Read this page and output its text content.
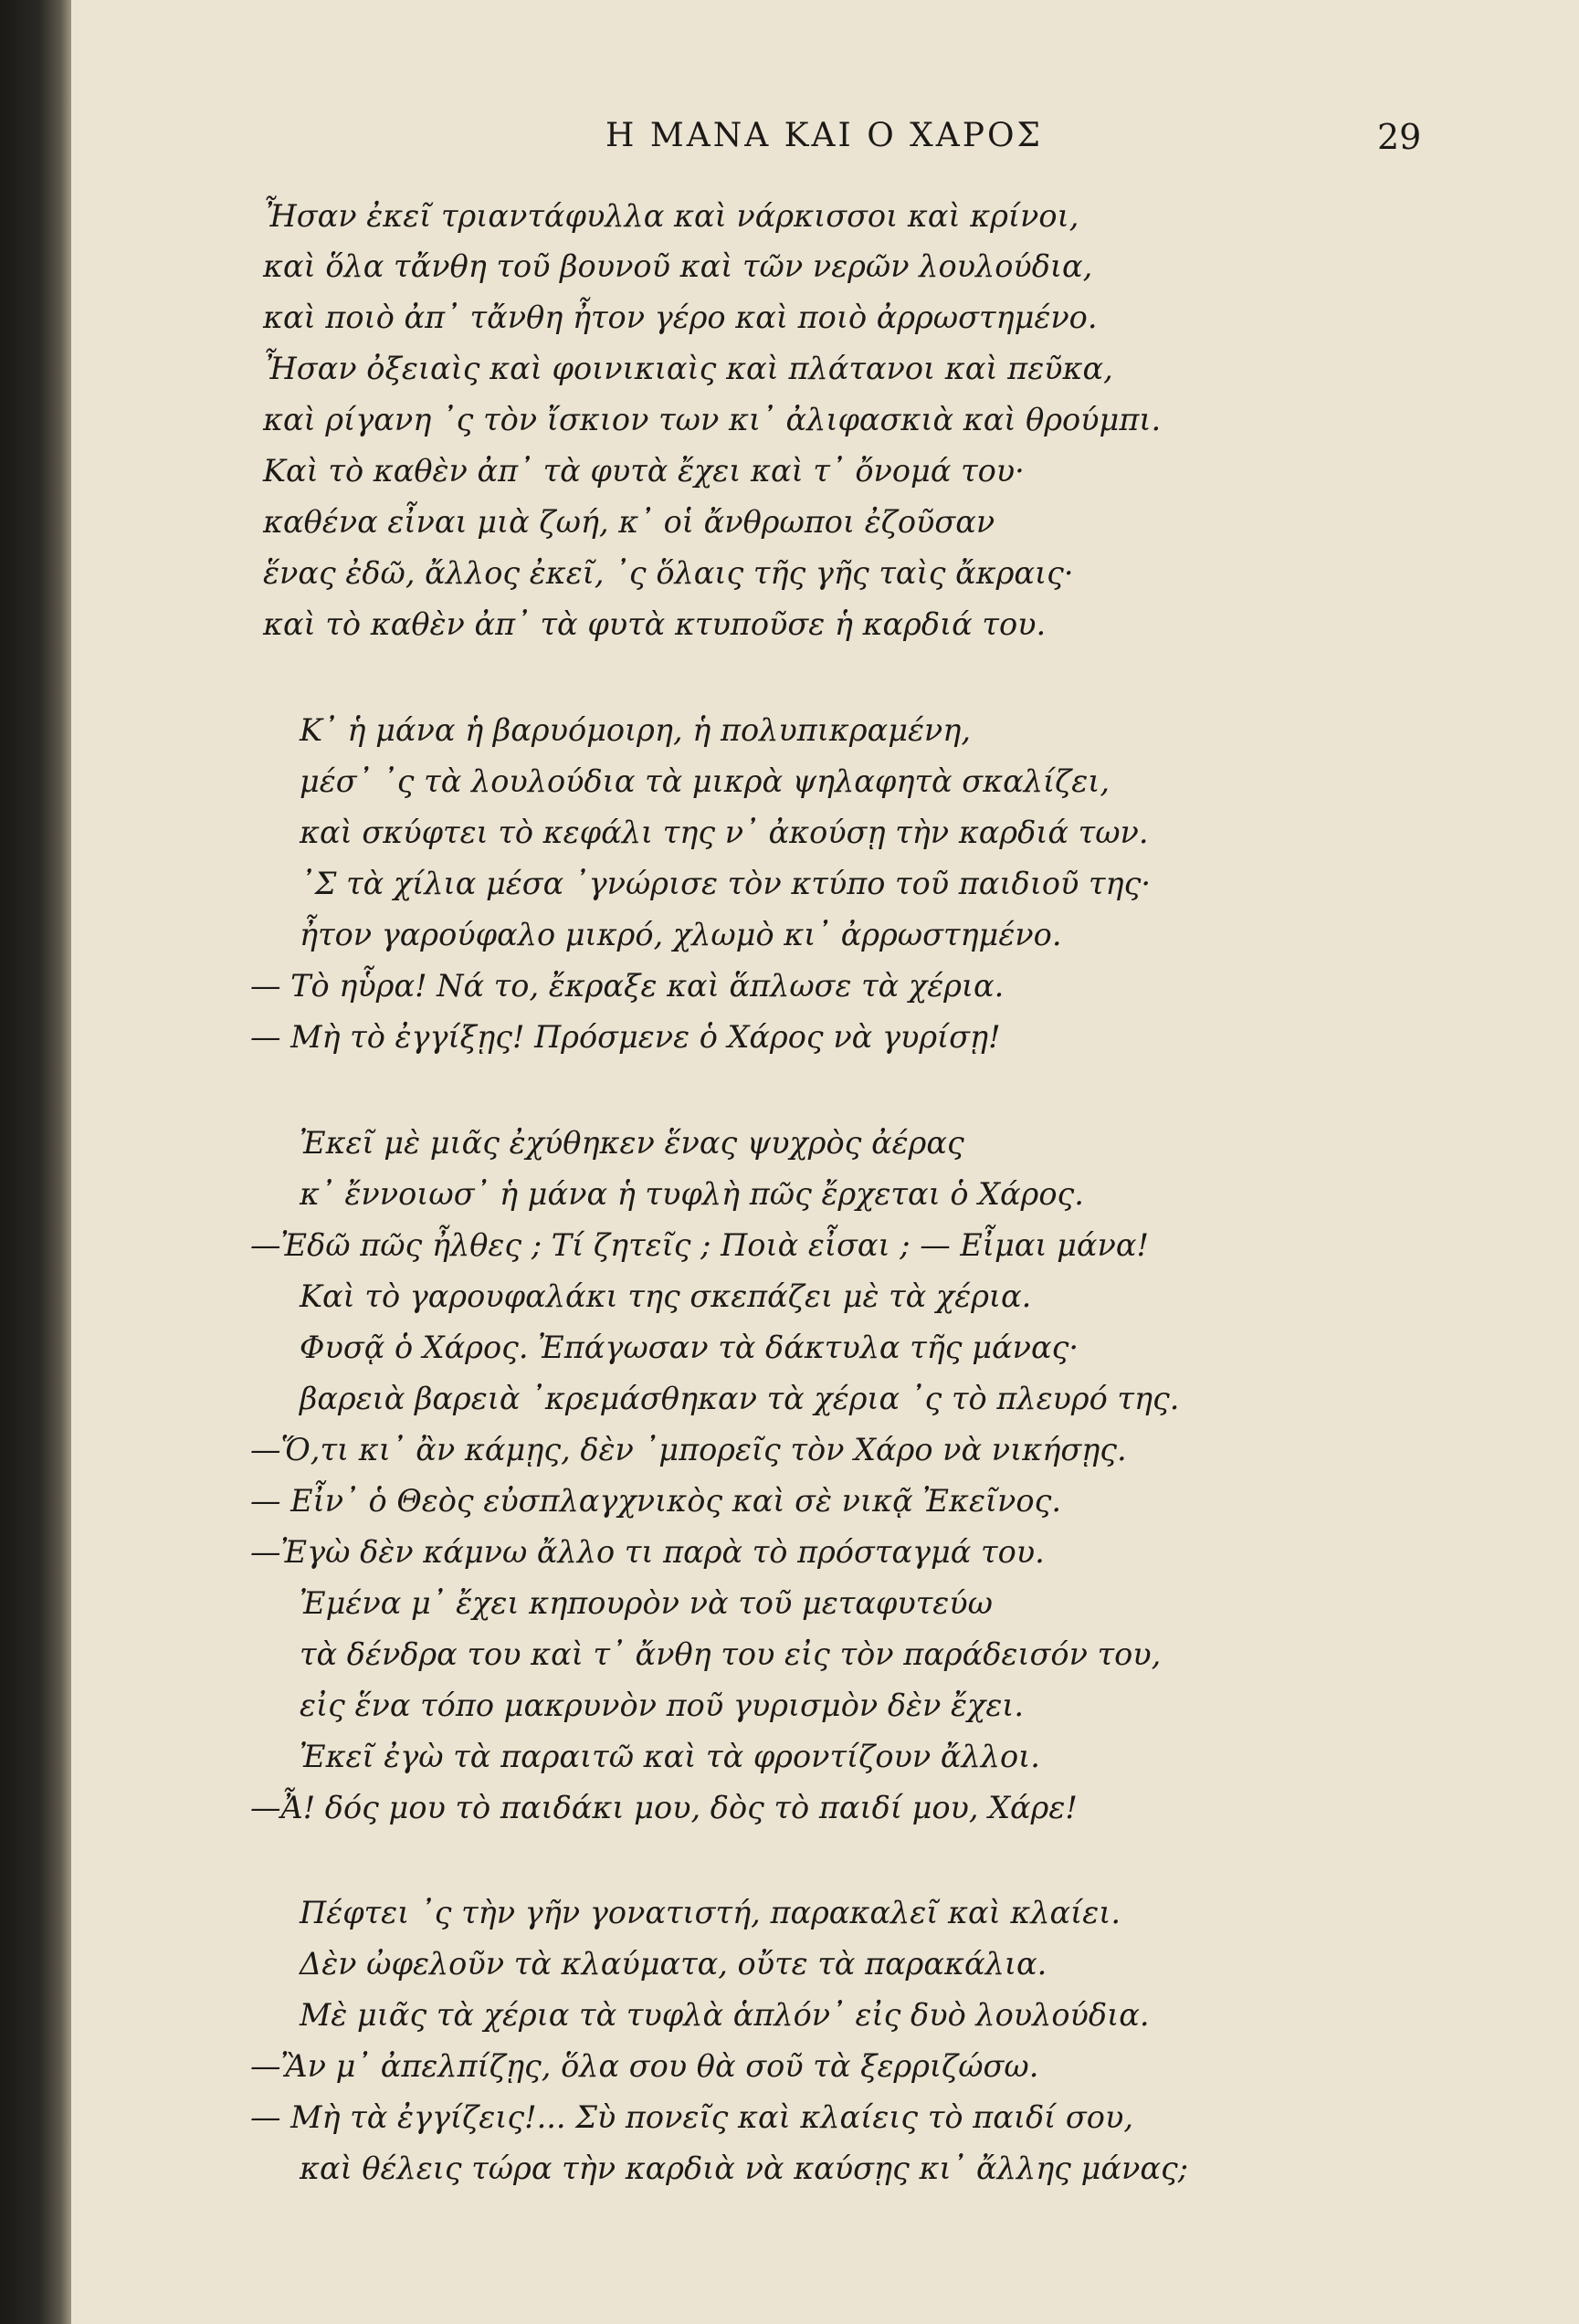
Η ΜΑΝΑ ΚΑΙ Ο ΧΑΡΟΣ	29
Ἦσαν ἐκεῖ τριαντάφυλλα καὶ νάρκισσοι καὶ κρίνοι,
καὶ ὅλα τἄνθη τοῦ βουνοῦ καὶ τῶν νερῶν λουλούδια,
καὶ ποιὸ ἀπ᾽ τἄνθη ἦτον γέρο καὶ ποιὸ ἀρρωστημένο.
Ἦσαν ὀξειαὶς καὶ φοινικιαὶς καὶ πλάτανοι καὶ πεῦκα,
καὶ ρίγανη ᾽ς τὸν ἴσκιον των κι᾽ ἀλιφασκιὰ καὶ θρούμπι.
Καὶ τὸ καθὲν ἀπ᾽ τὰ φυτὰ ἔχει καὶ τ᾽ ὄνομά του·
καθένα εἶναι μιὰ ζωή, κ᾽ οἱ ἄνθρωποι ἐζοῦσαν
ἕνας ἐδῶ, ἄλλος ἐκεῖ, ᾽ς ὅλαις τῆς γῆς ταὶς ἄκραις·
καὶ τὸ καθὲν ἀπ᾽ τὰ φυτὰ κτυποῦσε ἡ καρδιά του.
Κ᾽ ἡ μάνα ἡ βαρυόμοιρη, ἡ πολυπικραμένη,
μέσ᾽ ᾽ς τὰ λουλούδια τὰ μικρὰ ψηλαφητὰ σκαλίζει,
καὶ σκύφτει τὸ κεφάλι της ν᾽ ἀκούσῃ τὴν καρδιά των.
᾽Σ τὰ χίλια μέσα ᾽γνώρισε τὸν κτύπο τοῦ παιδιοῦ της·
ἦτον γαρούφαλο μικρό, χλωμὸ κι᾽ ἀρρωστημένο.
— Τὸ ηὗρα! Νά το, ἔκραξε καὶ ἅπλωσε τὰ χέρια.
— Μὴ τὸ ἐγγίξῃς! Πρόσμενε ὁ Χάρος νὰ γυρίσῃ!
Ἐκεῖ μὲ μιᾶς ἐχύθηκεν ἕνας ψυχρὸς ἀέρας
κ᾽ ἔννοιωσ᾽ ἡ μάνα ἡ τυφλὴ πῶς ἔρχεται ὁ Χάρος.
—Ἐδῶ πῶς ἦλθες ; Τί ζητεῖς ; Ποιὰ εἶσαι ; — Εἶμαι μάνα!
Καὶ τὸ γαρουφαλάκι της σκεπάζει μὲ τὰ χέρια.
Φυσᾷ ὁ Χάρος. Ἐπάγωσαν τὰ δάκτυλα τῆς μάνας·
βαρειὰ βαρειὰ ᾽κρεμάσθηκαν τὰ χέρια ᾽ς τὸ πλευρό της.
—Ὅ,τι κι᾽ ἂν κάμῃς, δὲν ᾽μπορεῖς τὸν Χάρο νὰ νικήσῃς.
— Εἶν᾽ ὁ Θεὸς εὐσπλαγχνικὸς καὶ σὲ νικᾷ Ἐκεῖνος.
—Ἐγὼ δὲν κάμνω ἄλλο τι παρὰ τὸ πρόσταγμά του.
Ἐμένα μ᾽ ἔχει κηπουρὸν νὰ τοῦ μεταφυτεύω
τὰ δένδρα του καὶ τ᾽ ἄνθη του εἰς τὸν παράδεισόν του,
εἰς ἕνα τόπο μακρυνὸν ποῦ γυρισμὸν δὲν ἔχει.
Ἐκεῖ ἐγὼ τὰ παραιτῶ καὶ τὰ φροντίζουν ἄλλοι.
—Ἆ! δός μου τὸ παιδάκι μου, δὸς τὸ παιδί μου, Χάρε!
Πέφτει ᾽ς τὴν γῆν γονατιστή, παρακαλεῖ καὶ κλαίει.
Δὲν ὠφελοῦν τὰ κλαύματα, οὔτε τὰ παρακάλια.
Μὲ μιᾶς τὰ χέρια τὰ τυφλὰ ἁπλόν᾽ εἰς δυὸ λουλούδια.
—Ἂν μ᾽ ἀπελπίζῃς, ὅλα σου θὰ σοῦ τὰ ξερριζώσω.
— Μὴ τὰ ἐγγίζεις!... Σὺ πονεῖς καὶ κλαίεις τὸ παιδί σου,
καὶ θέλεις τώρα τὴν καρδιὰ νὰ καύσῃς κι᾽ ἄλλης μάνας;
